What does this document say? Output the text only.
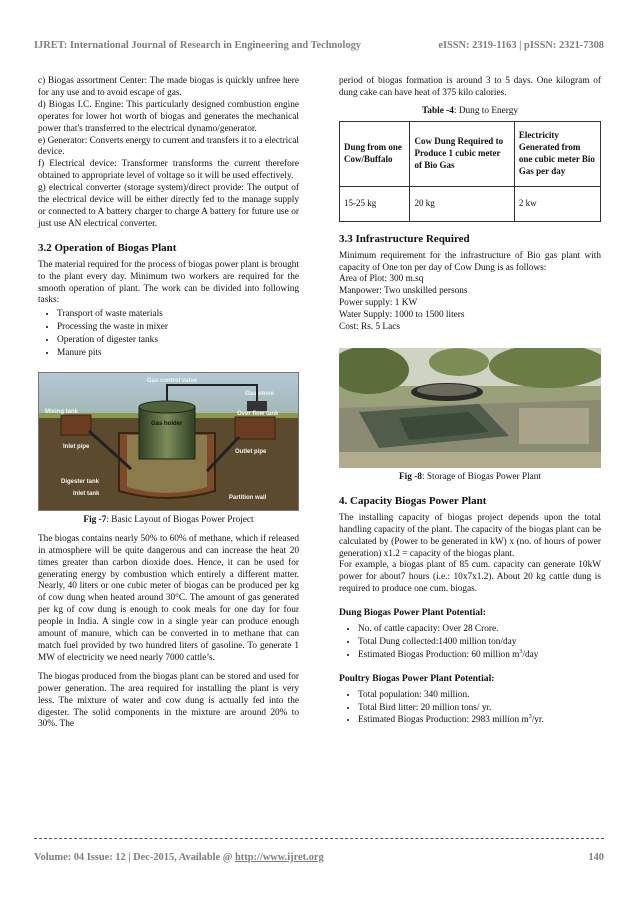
IJRET: International Journal of Research in Engineering and Technology	eISSN: 2319-1163 | pISSN: 2321-7308

c) Biogas assortment Center: The made biogas is quickly unfree here for any use and to avoid escape of gas.

d) Biogas I.C. Engine: This particularly designed combustion engine operates for lower hot worth of biogas and generates the mechanical power that's transferred to the electrical dynamo/generator.

e) Generator: Converts energy to current and transfers it to a electrical device.

f) Electrical device: Transformer transforms the current therefore obtained to appropriate level of voltage so it will be used effectively.

g) electrical converter (storage system)/direct provide: The output of the electrical device will be either directly fed to the manage supply or connected to A battery charger to charge A battery for future use or just use AN electrical converter.

3.2 Operation of Biogas Plant

The material required for the process of biogas power plant is brought to the plant every day. Minimum two workers are required for the smooth operation of plant. The work can be divided into following tasks:

• Transport of waste materials
• Processing the waste in mixer
• Operation of digester tanks
• Manure pits
Gas control valve
Gas stove
Gas holder
Mixing tank
Inlet pipe
Over flow tank
Outlet pipe
Digester tank
Inlet tank
Partition wall

Fig -7: Basic Layout of Biogas Power Project

The biogas contains nearly 50% to 60% of methane, which if released in atmosphere will be quite dangerous and can increase the heat 20 times greater than carbon dioxide does. Hence, it can be used for generating energy by combustion which entirely a different matter. Nearly, 40 liters or one cubic meter of biogas can be produced per kg of cow dung when heated around 30°C. The amount of gas generated per kg of cow dung is enough to cook meals for one day for four people in India. A single cow in a single year can produce enough amount of manure, which can be converted in to methane that can match fuel provided by two hundred liters of gasoline. To generate 1 MW of electricity we need nearly 7000 cattle’s.

The biogas produced from the biogas plant can be stored and used for power generation. The area required for installing the plant is very less. The mixture of water and cow dung is actually fed into the digester. The solid components in the mixture are around 20% to 30%. The

period of biogas formation is around 3 to 5 days. One kilogram of dung cake can have heat of 375 kilo calories.

Table -4: Dung to Energy

Dung from one Cow/Buffalo	Cow Dung Required to Produce 1 cubic meter of Bio Gas	Electricity Generated from one cubic meter Bio Gas per day
15-25 kg	20 kg	2 kw
3.3 Infrastructure Required

Minimum requirement for the infrastructure of Bio gas plant with capacity of One ton per day of Cow Dung is as follows:

Area of Plot: 300 m.sq

Manpower: Two unskilled persons

Power supply: 1 KW

Water Supply: 1000 to 1500 liters

Cost: Rs. 5 Lacs

Fig -8: Storage of Biogas Power Plant

4. Capacity Biogas Power Plant

The installing capacity of biogas project depends upon the total handling capacity of the plant. The capacity of the biogas plant can be calculated by (Power to be generated in kW) x (no. of hours of power generation) x1.2 = capacity of the biogas plant.

For example, a biogas plant of 85 cum. capacity can generate 10kW power for about7 hours (i.e.: 10x7x1.2). About 20 kg cattle dung is required to produce one cum. biogas.

Dung Biogas Power Plant Potential:
• No. of cattle capacity: Over 28 Crore.
• Total Dung collected:1400 million ton/day
• Estimated Biogas Production: 60 million $m^3$/day
Poultry Biogas Power Plant Potential:
• Total population: 340 million.
• Total Bird litter: 20 million tons/ yr.
• Estimated Biogas Production: 2983 million $m^3/yr$.
Volume: 04 Issue: 12 | Dec-2015, Available @ http://www.ijret.org	140
